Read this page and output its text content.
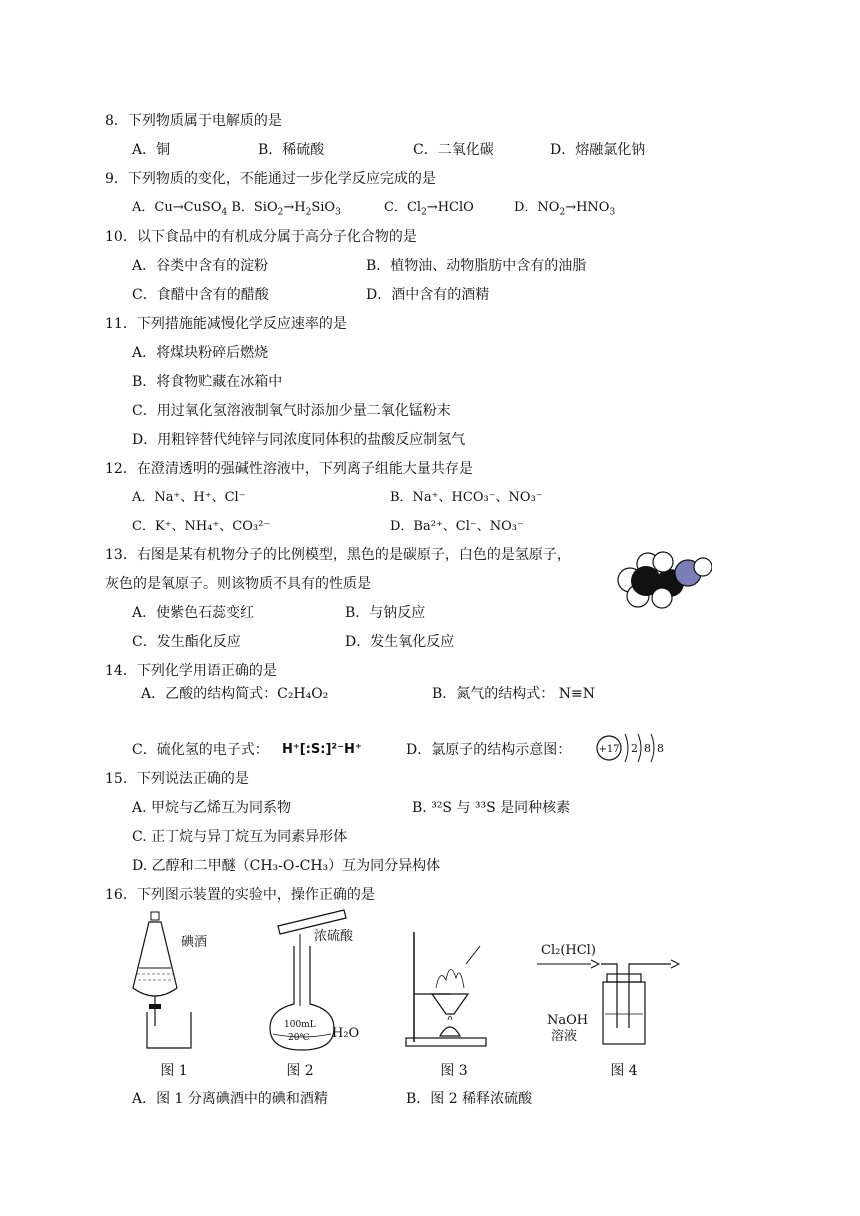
8．下列物质属于电解质的是
A．铜	B．稀硫酸	C．二氧化碳	D．熔融氯化钠
9．下列物质的变化，不能通过一步化学反应完成的是
A．Cu→CuSO$_4$ B．$SiO_2\to H_2SiO_3$	C．$Cl_2\to HClO$	D．$NO_2\to HNO_3$
10．以下食品中的有机成分属于高分子化合物的是
A．谷类中含有的淀粉	B．植物油、动物脂肪中含有的油脂
C．食醋中含有的醋酸	D．酒中含有的酒精
11．下列措施能减慢化学反应速率的是
A．将煤块粉碎后燃烧
B．将食物贮藏在冰箱中
C．用过氧化氢溶液制氧气时添加少量二氧化锰粉末
D．用粗锌替代纯锌与同浓度同体积的盐酸反应制氢气
12．在澄清透明的强碱性溶液中，下列离子组能大量共存是
A．Na⁺、H⁺、Cl⁻	B．Na⁺、HCO₃⁻、NO₃⁻
C．K⁺、NH₄⁺、CO₃²⁻	D．Ba²⁺、Cl⁻、NO₃⁻
13．右图是某有机物分子的比例模型，黑色的是碳原子，白色的是氢原子，
灰色的是氧原子。则该物质不具有的性质是
A．使紫色石蕊变红	B．与钠反应
C．发生酯化反应	D．发生氧化反应
14．下列化学用语正确的是
A．乙酸的结构简式：C₂H₄O₂	B．氮气的结构式： N≡N
C．硫化氢的电子式： H⁺[:S:]²⁻H⁺	D．氯原子的结构示意图：	+17 2 8 8
15．下列说法正确的是
A. 甲烷与乙烯互为同系物	B. ³²S 与 ³³S 是同种核素
C. 正丁烷与异丁烷互为同素异形体
D. 乙醇和二甲醚（CH₃-O-CH₃）互为同分异构体
16．下列图示装置的实验中，操作正确的是
碘酒
100mL
20℃
浓硫酸
H₂O
Cl₂(HCl)
NaOH
溶液
图 1	图 2	图 3	图 4
A．图 1 分离碘酒中的碘和酒精	B．图 2 稀释浓硫酸
